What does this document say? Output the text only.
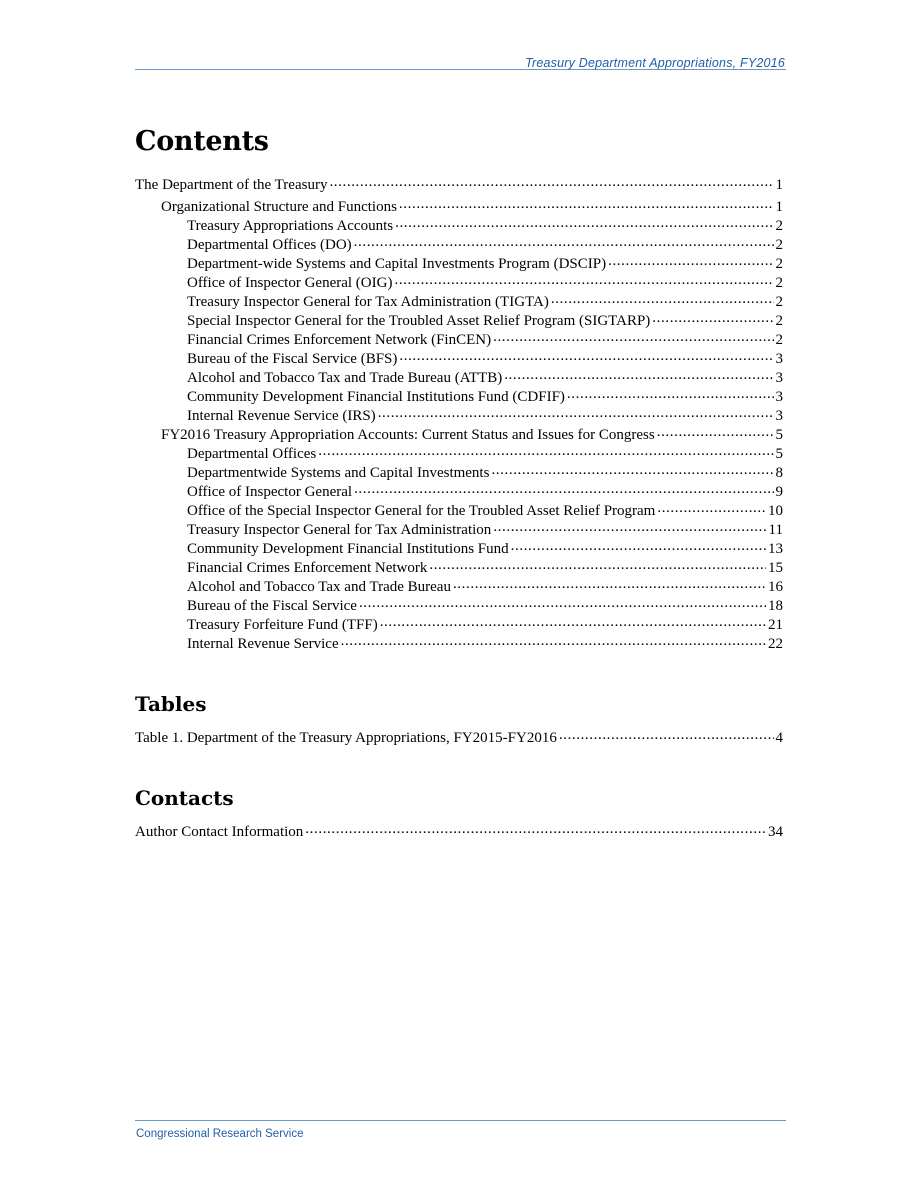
Treasury Department Appropriations, FY2016
Contents
The Department of the Treasury .....	1
Organizational Structure and Functions .....	1
Treasury Appropriations Accounts .....	2
Departmental Offices (DO) .....	2
Department-wide Systems and Capital Investments Program (DSCIP) .....	2
Office of Inspector General (OIG) .....	2
Treasury Inspector General for Tax Administration (TIGTA) .....	2
Special Inspector General for the Troubled Asset Relief Program (SIGTARP) .....	2
Financial Crimes Enforcement Network (FinCEN) .....	2
Bureau of the Fiscal Service (BFS) .....	3
Alcohol and Tobacco Tax and Trade Bureau (ATTB) .....	3
Community Development Financial Institutions Fund (CDFIF) .....	3
Internal Revenue Service (IRS) .....	3
FY2016 Treasury Appropriation Accounts: Current Status and Issues for Congress .....	5
Departmental Offices .....	5
Departmentwide Systems and Capital Investments .....	8
Office of Inspector General .....	9
Office of the Special Inspector General for the Troubled Asset Relief Program .....	10
Treasury Inspector General for Tax Administration .....	11
Community Development Financial Institutions Fund .....	13
Financial Crimes Enforcement Network .....	15
Alcohol and Tobacco Tax and Trade Bureau .....	16
Bureau of the Fiscal Service .....	18
Treasury Forfeiture Fund (TFF) .....	21
Internal Revenue Service .....	22
Tables
Table 1. Department of the Treasury Appropriations, FY2015-FY2016 .....	4
Contacts
Author Contact Information .....	34
Congressional Research Service
